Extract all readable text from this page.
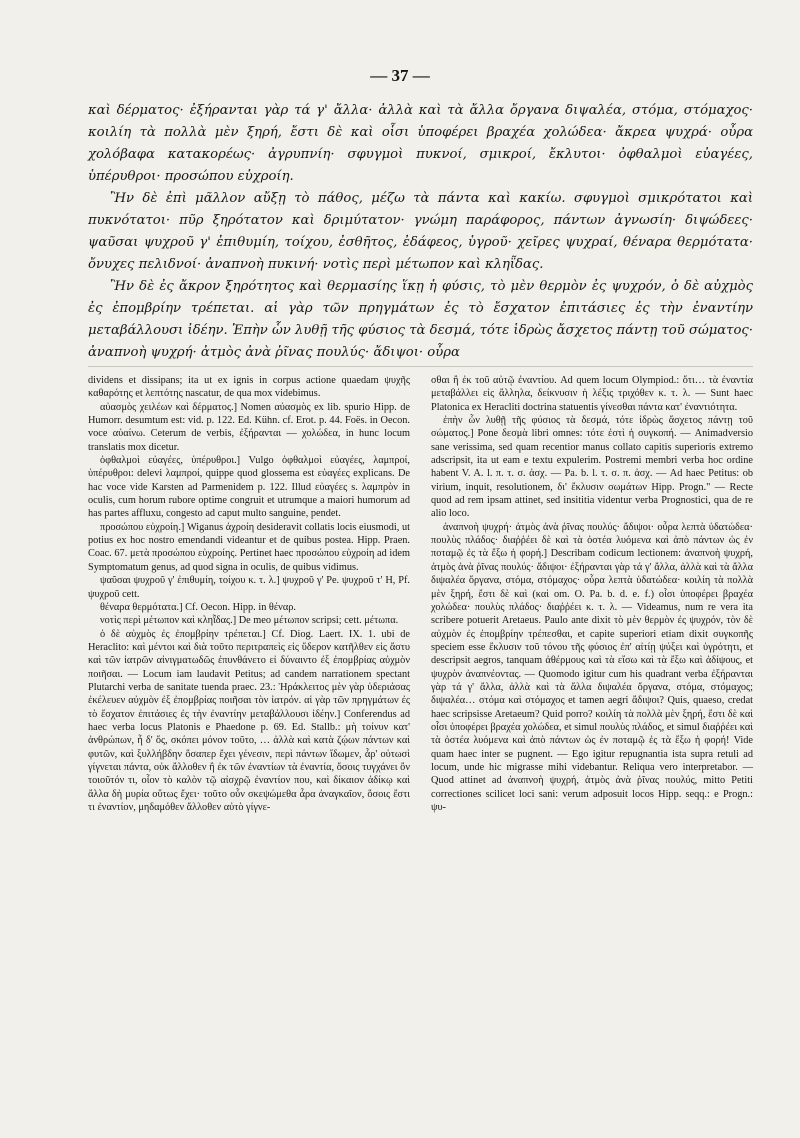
— 37 —

καὶ δέρματος· ἐξήρανται γὰρ τά γ' ἄλλα· ἀλλὰ καὶ τὰ ἄλλα ὄργανα διψαλέα, στόμα, στόμαχος· κοιλίη τὰ πολλὰ μὲν ξηρή, ἔστι δὲ καὶ οἷσι ὑποφέρει βραχέα χολώδεα· ἄκρεα ψυχρά· οὖρα χολόβαφα κατακορέως· ἀγρυπνίη· σφυγμοὶ πυκνοί, σμικροί, ἔκλυτοι· ὀφθαλμοὶ εὐαγέες, ὑπέρυθροι· προσώπου εὐχροίη.

Ἢν δὲ ἐπὶ μᾶλλον αὔξῃ τὸ πάθος, μέζω τὰ πάντα καὶ κακίω. σφυγμοὶ σμικρότατοι καὶ πυκνότατοι· πῦρ ξηρότατον καὶ δριμύτατον· γνώμη παράφορος, πάντων ἀγνωσίη· διψώδεες· ψαῦσαι ψυχροῦ γ' ἐπιθυμίη, τοίχου, ἐσθῆτος, ἐδάφεος, ὑγροῦ· χεῖρες ψυχραί, θέναρα θερμότατα· ὄνυχες πελιδνοί· ἀναπνοὴ πυκινή· νοτὶς περὶ μέτωπον καὶ κληῗδας.

Ἢν δὲ ἐς ἄκρον ξηρότητος καὶ θερμασίης ἵκῃ ἡ φύσις, τὸ μὲν θερμὸν ἐς ψυχρόν, ὁ δὲ αὐχμὸς ἐς ἐπομβρίην τρέπεται. αἱ γὰρ τῶν πρηγμάτων ἐς τὸ ἔσχατον ἐπιτάσιες ἐς τὴν ἐναντίην μεταβάλλουσι ἰδέην. Ἐπὴν ὧν λυθῇ τῆς φύσιος τὰ δεσμά, τότε ἱδρὼς ἄσχετος πάντῃ τοῦ σώματος· ἀναπνοὴ ψυχρή· ἀτμὸς ἀνὰ ῥῖνας πουλύς· ἄδιψοι· οὖρα

dividens et dissipans; ita ut ex ignis in corpus actione quaedam ψυχῆς καθαρότης et λεπτότης nascatur, de qua mox videbimus.

αὐασμὸς χειλέων καὶ δέρματος.] Nomen αὐασμὸς ex lib. spurio Hipp. de Humorr. desumtum est: vid. p. 122. Ed. Kühn. cf. Erot. p. 44. Foës. in Oecon. voce αὐαίνω. Ceterum de verbis, ἐξήρανται — χολώδεα, in hunc locum translatis mox dicetur.

ὀφθαλμοὶ εὐαγέες, ὑπέρυθροι.] Vulgo ὀφθαλμοὶ εὐαγέες, λαμπροί, ὑπέρυθροι: delevi λαμπροί, quippe quod glossema est εὐαγέες explicans. De hac voce vide Karsten ad Parmenidem p. 122. Illud εὐαγέες s. λαμπρὸν in oculis, cum horum rubore optime congruit et utrumque a maiori humorum ad has partes affluxu, congesto ad caput multo sanguine, pendet.

προσώπου εὐχροίη.] Wiganus ἀχροίη desideravit collatis locis eiusmodi, ut potius ex hoc nostro emendandi videantur et de quibus postea. Hipp. Praen. Coac. 67. μετὰ προσώπου εὐχροίης. Pertinet haec προσώπου εὐχροίη ad idem Symptomatum genus, ad quod signa in oculis, de quibus vidimus.

ψαῦσαι ψυχροῦ γ' ἐπιθυμίη, τοίχου κ. τ. λ.] ψυχροῦ γ' Pe. ψυχροῦ τ' H, Pf. ψυχροῦ cett.

θέναρα θερμότατα.] Cf. Oecon. Hipp. in θέναρ.

νοτὶς περὶ μέτωπον καὶ κληῗδας.] De meo μέτωπον scripsi; cett. μέτωπα.

ὁ δὲ αὐχμὸς ἐς ἐπομβρίην τρέπεται.] Cf. Diog. Laert. IX. 1. ubi de Heraclito: καὶ μέντοι καὶ διὰ τοῦτο περιτραπεὶς εἰς ὕδερον κατῆλθεν εἰς ἄστυ καὶ τῶν ἰατρῶν αἰνιγματωδῶς ἐπυνθάνετο εἰ δύναιντο ἐξ ἐπομβρίας αὐχμὸν ποιῆσαι. — Locum iam laudavit Petitus; ad candem narrationem spectant Plutarchi verba de sanitate tuenda praec. 23.: Ἡράκλειτος μὲν γὰρ ὑδεριάσας ἐκέλευεν αὐχμὸν ἐξ ἐπομβρίας ποιῆσαι τὸν ἰατρόν. αἱ γὰρ τῶν πρηγμάτων ἐς τὸ ἔσχατον ἐπιτάσιες ἐς τὴν ἐναντίην μεταβάλλουσι ἰδέην.] Conferendus ad haec verba locus Platonis e Phaedone p. 69. Ed. Stallb.: μὴ τοίνυν κατ' ἀνθρώπων, ἦ δ' ὅς, σκόπει μόνον τοῦτο, … ἀλλὰ καὶ κατὰ ζῴων πάντων καὶ φυτῶν, καὶ ξυλλήβδην ὅσαπερ ἔχει γένεσιν, περὶ πάντων ἴδωμεν, ἆρ' οὑτωσὶ γίγνεται πάντα, οὐκ ἄλλοθεν ἢ ἐκ τῶν ἐναντίων τὰ ἐναντία, ὅσοις τυγχάνει ὂν τοιοῦτόν τι, οἷον τὸ καλὸν τῷ αἰσχρῷ ἐναντίον που, καὶ δίκαιον ἀδίκῳ καὶ ἄλλα δὴ μυρία οὕτως ἔχει· τοῦτο οὖν σκεψώμεθα ἆρα ἀναγκαῖον, ὅσοις ἔστι τι ἐναντίον, μηδαμόθεν ἄλλοθεν αὐτὸ γίγνε-

σθαι ἢ ἐκ τοῦ αὐτῷ ἐναντίου. Ad quem locum Olympiod.: ὅτι… τὰ ἐναντία μεταβάλλει εἰς ἄλληλα, δείκνυσιν ἡ λέξις τριχόθεν κ. τ. λ. — Sunt haec Platonica ex Heracliti doctrina statuentis γίνεσθαι πάντα κατ' ἐναντιότητα.

ἐπὴν ὧν λυθῇ τῆς φύσιος τὰ δεσμά, τότε ἱδρὼς ἄσχετος πάντῃ τοῦ σώματος.] Pone δεσμὰ libri omnes: τότε ἐστὶ ἡ συγκοπή. — Animadversio sane verissima, sed quam recentior manus collato capitis superioris extremo adscripsit, ita ut eam e textu expulerim. Postremi membri verba hoc ordine habent V. A. l. π. τ. σ. ἀσχ. — Pa. b. l. τ. σ. π. ἀσχ. — Ad haec Petitus: ob virium, inquit, resolutionem, δι' ἔκλυσιν σωμάτων Hipp. Progn." — Recte quod ad rem ipsam attinet, sed insititia videntur verba Prognostici, qua de re alio loco.

ἀναπνοὴ ψυχρή· ἀτμὸς ἀνὰ ῥῖνας πουλύς· ἄδιψοι· οὖρα λεπτὰ ὑδατώδεα· πουλὺς πλάδος· διαῤῥέει δὲ καὶ τὰ ὀστέα λυόμενα καὶ ἀπὸ πάντων ὡς ἐν ποταμῷ ἐς τὰ ἔξω ἡ φορή.] Describam codicum lectionem: ἀναπνοὴ ψυχρή, ἀτμὸς ἀνὰ ῥῖνας πουλύς· ἄδιψοι· ἐξήρανται γὰρ τά γ' ἄλλα, ἀλλὰ καὶ τὰ ἄλλα διψαλέα ὄργανα, στόμα, στόμαχος· οὖρα λεπτὰ ὑδατώδεα· κοιλίη τὰ πολλὰ μὲν ξηρή, ἔστι δὲ καὶ (καὶ om. O. Pa. b. d. e. f.) οἷσι ὑποφέρει βραχέα χολώδεα· πουλὺς πλάδος· διαῤῥέει κ. τ. λ. — Videamus, num re vera ita scribere potuerit Aretaeus. Paulo ante dixit τὸ μὲν θερμὸν ἐς ψυχρόν, τὸν δὲ αὐχμὸν ἐς ἐπομβρίην τρέπεσθαι, et capite superiori etiam dixit συγκοπῆς speciem esse ἔκλυσιν τοῦ τόνου τῆς φύσιος ἐπ' αἰτίῃ ψύξει καὶ ὑγρότητι, et descripsit aegros, tanquam ἀθέρμους καὶ τὰ εἴσω καὶ τὰ ἔξω καὶ ἀδίψους, et ψυχρὸν ἀναπνέοντας. — Quomodo igitur cum his quadrant verba ἐξήρανται γὰρ τά γ' ἄλλα, ἀλλὰ καὶ τὰ ἄλλα διψαλέα ὄργανα, στόμα, στόμαχος; διψαλέα… στόμα καὶ στόμαχος et tamen aegri ἄδιψοι? Quis, quaeso, credat haec scripsisse Aretaeum? Quid porro? κοιλίη τὰ πολλὰ μὲν ξηρή, ἔστι δὲ καὶ οἷσι ὑποφέρει βραχέα χολώδεα, et simul πουλὺς πλάδος, et simul διαῤῥέει καὶ τὰ ὀστέα λυόμενα καὶ ἀπὸ πάντων ὡς ἐν ποταμῷ ἐς τὰ ἔξω ἡ φορή! Vide quam haec inter se pugnent. — Ego igitur repugnantia ista supra retuli ad locum, unde hic migrasse mihi videbantur. Reliqua vero interpretabor. — Quod attinet ad ἀναπνοὴ ψυχρή, ἀτμὸς ἀνὰ ῥῖνας πουλύς, mitto Petiti correctiones scilicet loci sani: verum adposuit locos Hipp. seqq.: e Progn.: ψυ-
